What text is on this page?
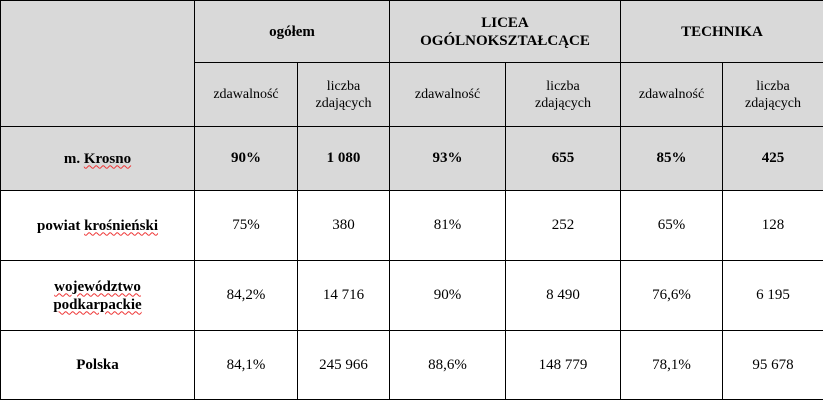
	ogółem		LICEA OGÓLNOKSZTAŁCĄCE		TECHNIKA	
	zdawalność	liczba zdających	zdawalność	liczba zdających	zdawalność	liczba zdających
m. Krosno	90%	1 080	93%	655	85%	425
powiat krośnieński	75%	380	81%	252	65%	128
województwo
podkarpackie	84,2%	14 716	90%	8 490	76,6%	6 195
Polska	84,1%	245 966	88,6%	148 779	78,1%	95 678
